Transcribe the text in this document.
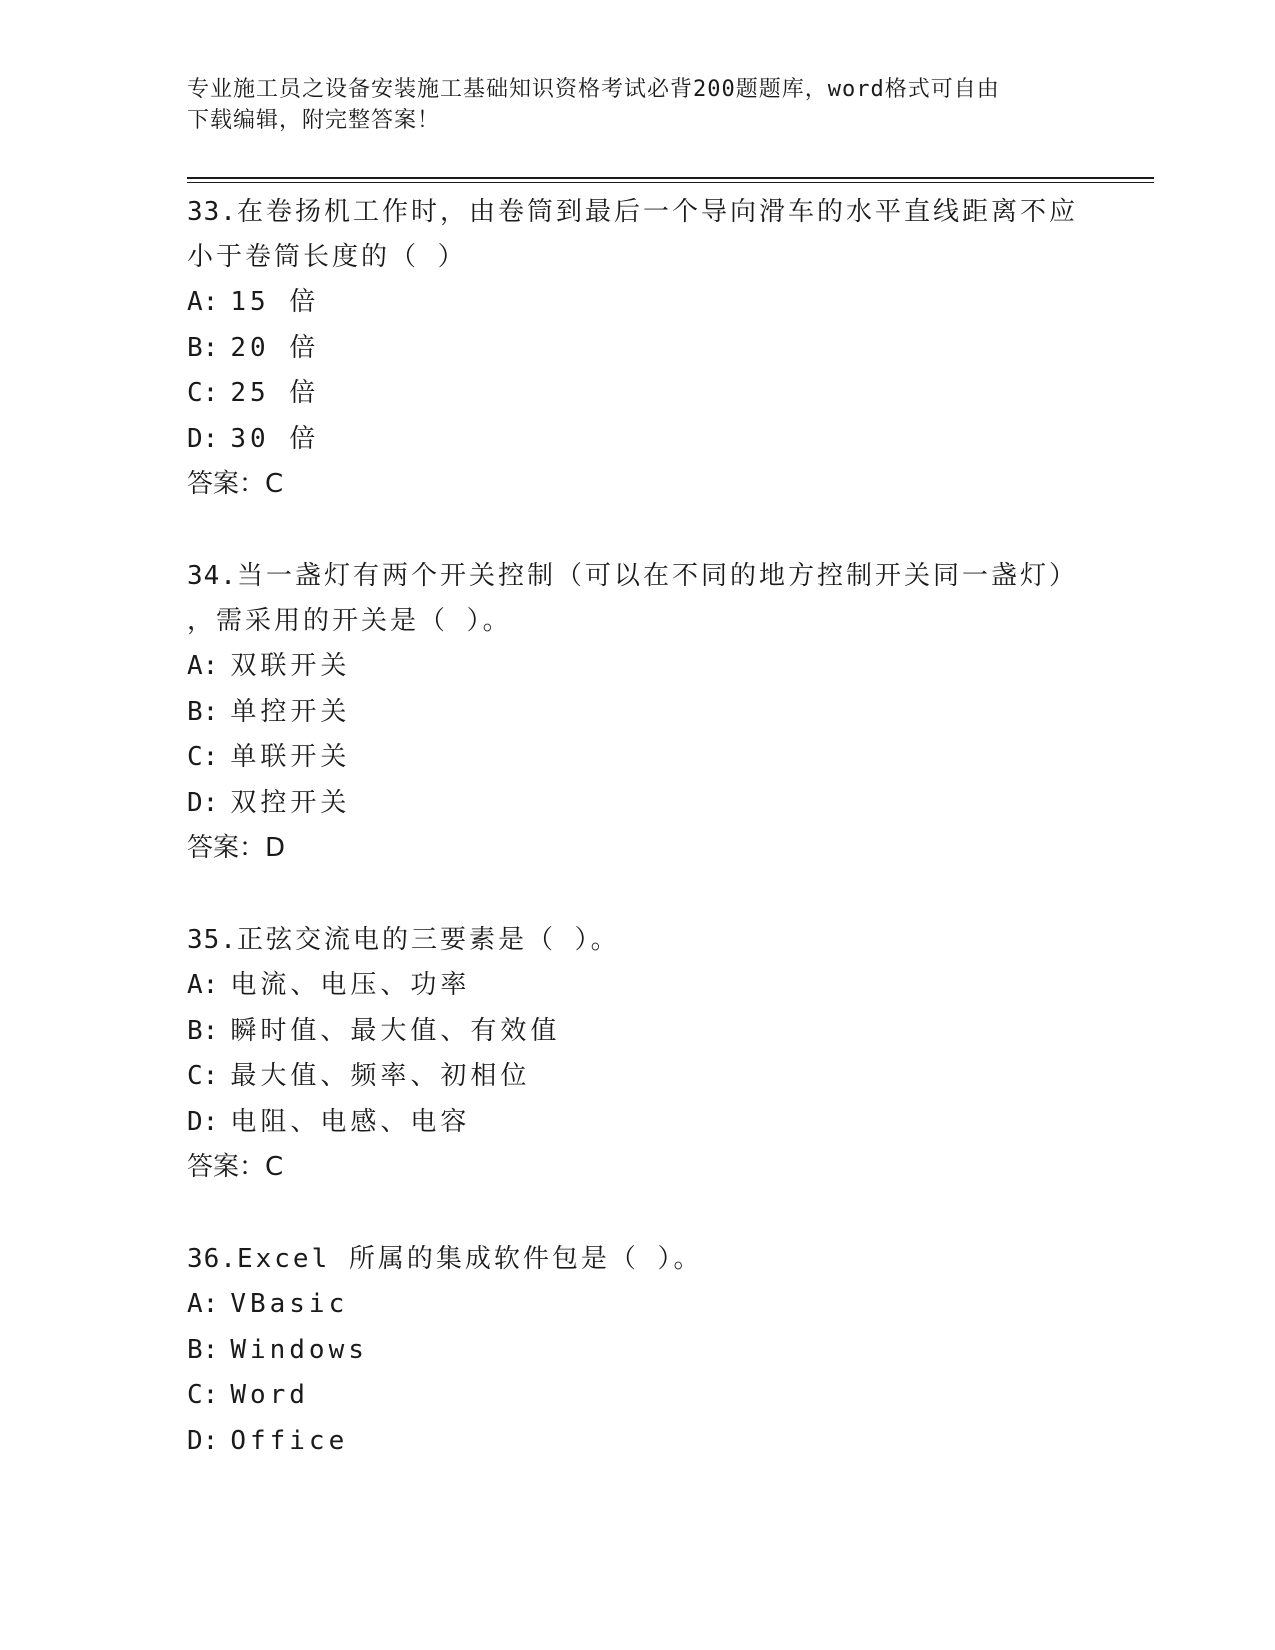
专业施工员之设备安装施工基础知识资格考试必背200题题库，word格式可自由
下载编辑，附完整答案！

33.在卷扬机工作时，由卷筒到最后一个导向滑车的水平直线距离不应

小于卷筒长度的（ ）

A: 15 倍

B: 20 倍

C: 25 倍

D: 30 倍

答案：C

34.当一盏灯有两个开关控制（可以在不同的地方控制开关同一盏灯）

，需采用的开关是（ ）。

A: 双联开关

B: 单控开关

C: 单联开关

D: 双控开关

答案：D

35.正弦交流电的三要素是（ ）。

A: 电流、电压、功率

B: 瞬时值、最大值、有效值

C: 最大值、频率、初相位

D: 电阻、电感、电容

答案：C

36.Excel 所属的集成软件包是（ ）。

A: VBasic

B: Windows

C: Word

D: Office
